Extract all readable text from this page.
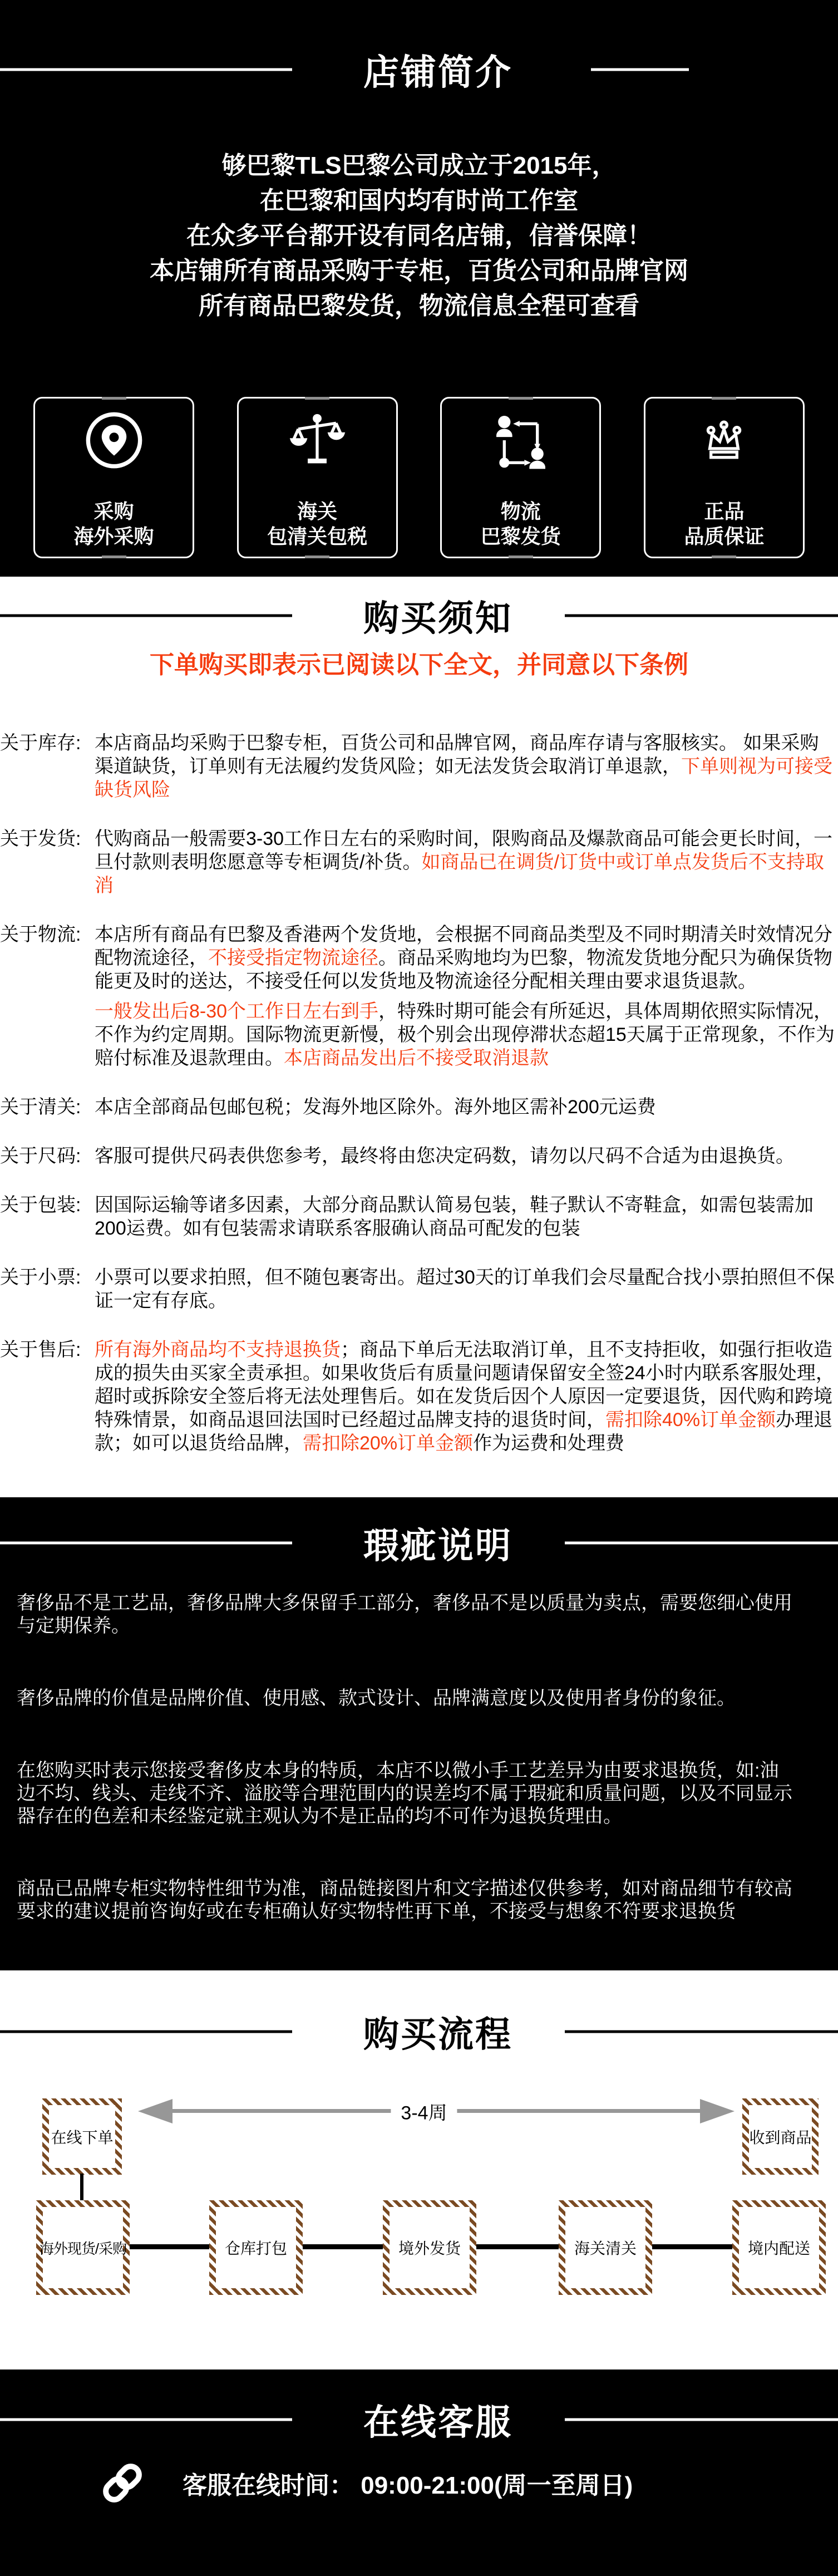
店铺简介
够巴黎TLS巴黎公司成立于2015年，
在巴黎和国内均有时尚工作室
在众多平台都开设有同名店铺，信誉保障！
本店铺所有商品采购于专柜，百货公司和品牌官网
所有商品巴黎发货，物流信息全程可查看
采购
海外采购
海关
包清关包税
物流
巴黎发货
正品
品质保证
购买须知
下单购买即表示已阅读以下全文，并同意以下条例
关于库存: 本店商品均采购于巴黎专柜，百货公司和品牌官网，商品库存请与客服核实。 如果采购渠道缺货，订单则有无法履约发货风险；如无法发货会取消订单退款，下单则视为可接受缺货风险
关于发货: 代购商品一般需要3-30工作日左右的采购时间，限购商品及爆款商品可能会更长时间，一旦付款则表明您愿意等专柜调货/补货。如商品已在调货/订货中或订单点发货后不支持取消
关于物流: 本店所有商品有巴黎及香港两个发货地，会根据不同商品类型及不同时期清关时效情况分配物流途径，不接受指定物流途径。商品采购地均为巴黎，物流发货地分配只为确保货物能更及时的送达，不接受任何以发货地及物流途径分配相关理由要求退货退款。
一般发出后8-30个工作日左右到手，特殊时期可能会有所延迟，具体周期依照实际情况，不作为约定周期。国际物流更新慢，极个别会出现停滞状态超15天属于正常现象，不作为赔付标准及退款理由。本店商品发出后不接受取消退款
关于清关: 本店全部商品包邮包税；发海外地区除外。海外地区需补200元运费
关于尺码: 客服可提供尺码表供您参考，最终将由您决定码数，请勿以尺码不合适为由退换货。
关于包装: 因国际运输等诸多因素，大部分商品默认简易包装，鞋子默认不寄鞋盒，如需包装需加200运费。如有包装需求请联系客服确认商品可配发的包装
关于小票: 小票可以要求拍照，但不随包裹寄出。超过30天的订单我们会尽量配合找小票拍照但不保证一定有存底。
关于售后: 所有海外商品均不支持退换货；商品下单后无法取消订单，且不支持拒收，如强行拒收造成的损失由买家全责承担。如果收货后有质量问题请保留安全签24小时内联系客服处理，超时或拆除安全签后将无法处理售后。如在发货后因个人原因一定要退货，因代购和跨境特殊情景，如商品退回法国时已经超过品牌支持的退货时间，需扣除40%订单金额办理退款；如可以退货给品牌，需扣除20%订单金额作为运费和处理费
瑕疵说明

奢侈品不是工艺品，奢侈品牌大多保留手工部分，奢侈品不是以质量为卖点，需要您细心使用与定期保养。

奢侈品牌的价值是品牌价值、使用感、款式设计、品牌满意度以及使用者身份的象征。

在您购买时表示您接受奢侈皮本身的特质，本店不以微小手工艺差异为由要求退换货，如:油边不均、线头、走线不齐、溢胶等合理范围内的误差均不属于瑕疵和质量问题，以及不同显示器存在的色差和未经鉴定就主观认为不是正品的均不可作为退换货理由。

商品已品牌专柜实物特性细节为准，商品链接图片和文字描述仅供参考，如对商品细节有较高要求的建议提前咨询好或在专柜确认好实物特性再下单，不接受与想象不符要求退换货

购买流程
在线下单	收到商品
3-4周
海外现货/采购	仓库打包	境外发货	海关清关	境内配送
在线客服
客服在线时间： 09:00-21:00(周一至周日)
